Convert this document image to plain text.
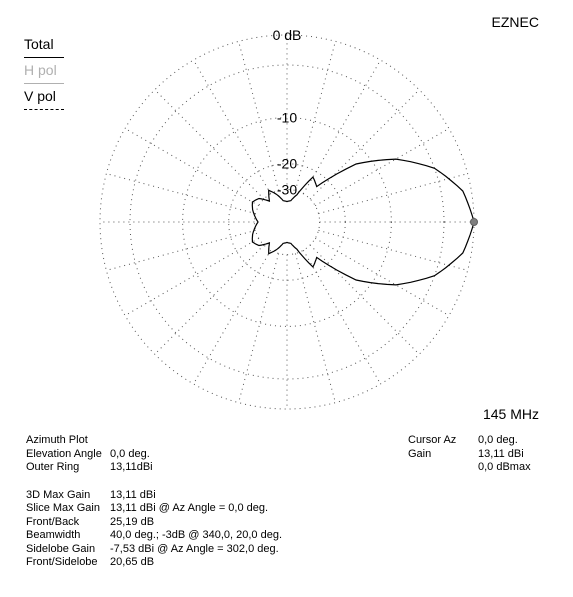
0 dB
-10
-20
-30
EZNEC
Total
H pol
V pol
145 MHz
Azimuth Plot
Elevation Angle 0,0 deg.
Outer Ring	13,11dBi
3D Max Gain	13,11 dBi
Slice Max Gain 13,11 dBi @ Az Angle = 0,0 deg.
Front/Back	25,19 dB
Beamwidth	40,0 deg.; -3dB @ 340,0, 20,0 deg.
Sidelobe Gain	-7,53 dBi @ Az Angle = 302,0 deg.
Front/Sidelobe	20,65 dB
Cursor Az	0,0 deg.
Gain	13,11 dBi
0,0 dBmax
